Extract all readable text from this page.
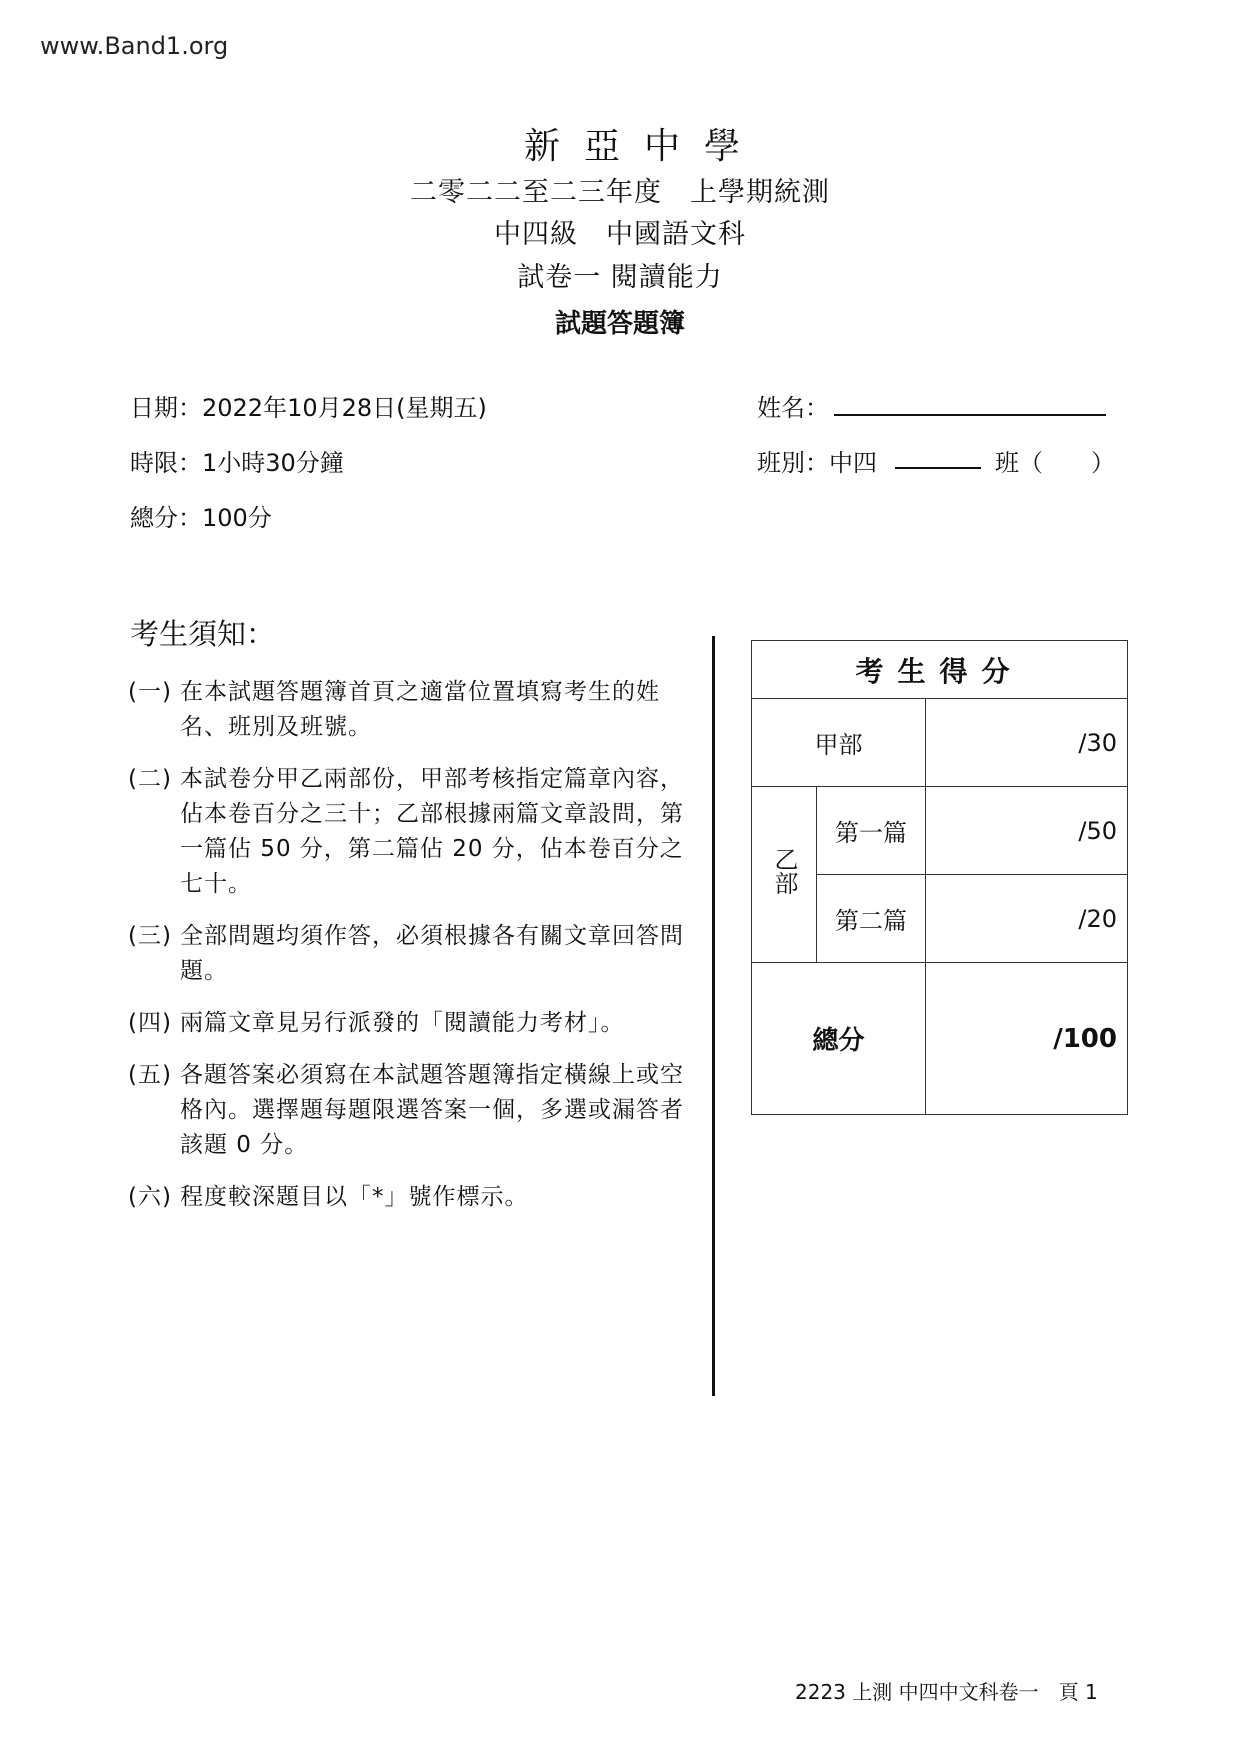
www.Band1.org
新亞中學
二零二二至二三年度　上學期統測
中四級　中國語文科
試卷一 閱讀能力
試題答題簿
日期：2022年10月28日(星期五)
時限：1小時30分鐘
總分：100分
姓名：
班別：中四	班（　　）
考生須知：
(一) 在本試題答題簿首頁之適當位置填寫考生的姓名、班別及班號。
(二) 本試卷分甲乙兩部份，甲部考核指定篇章內容，佔本卷百分之三十；乙部根據兩篇文章設問，第一篇佔 50 分，第二篇佔 20 分，佔本卷百分之七十。
(三) 全部問題均須作答，必須根據各有關文章回答問題。
(四) 兩篇文章見另行派發的「閱讀能力考材」。
(五) 各題答案必須寫在本試題答題簿指定橫線上或空格內。選擇題每題限選答案一個，多選或漏答者該題 0 分。
(六) 程度較深題目以「*」號作標示。
考生得分		
甲部		/30
乙部	第一篇	/50
	第二篇	/20
總分		/100
2223 上測 中四中文科卷一　頁 1
